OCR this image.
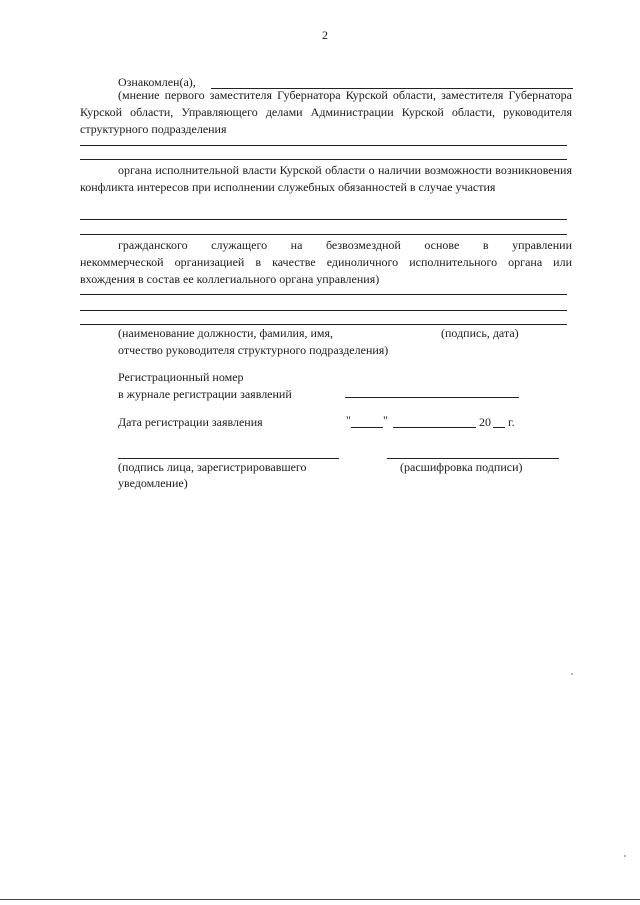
2
Ознакомлен(а),
(мнение первого заместителя Губернатора Курской области, заместителя Губернатора Курской области, Управляющего делами Администрации Курской области, руководителя структурного подразделения
органа исполнительной власти Курской области о наличии возможности возникновения конфликта интересов при исполнении служебных обязанностей в случае участия
гражданского служащего на безвозмездной основе в управлении
некоммерческой организацией в качестве единоличного исполнительного органа или вхождения в состав ее коллегиального органа управления)
(наименование должности, фамилия, имя,	(подпись, дата)
отчество руководителя структурного подразделения)
Регистрационный номер
в журнале регистрации заявлений
Дата регистрации заявления	"	"	20 г.
(подпись лица, зарегистрировавшего	(расшифровка подписи)
уведомление)
